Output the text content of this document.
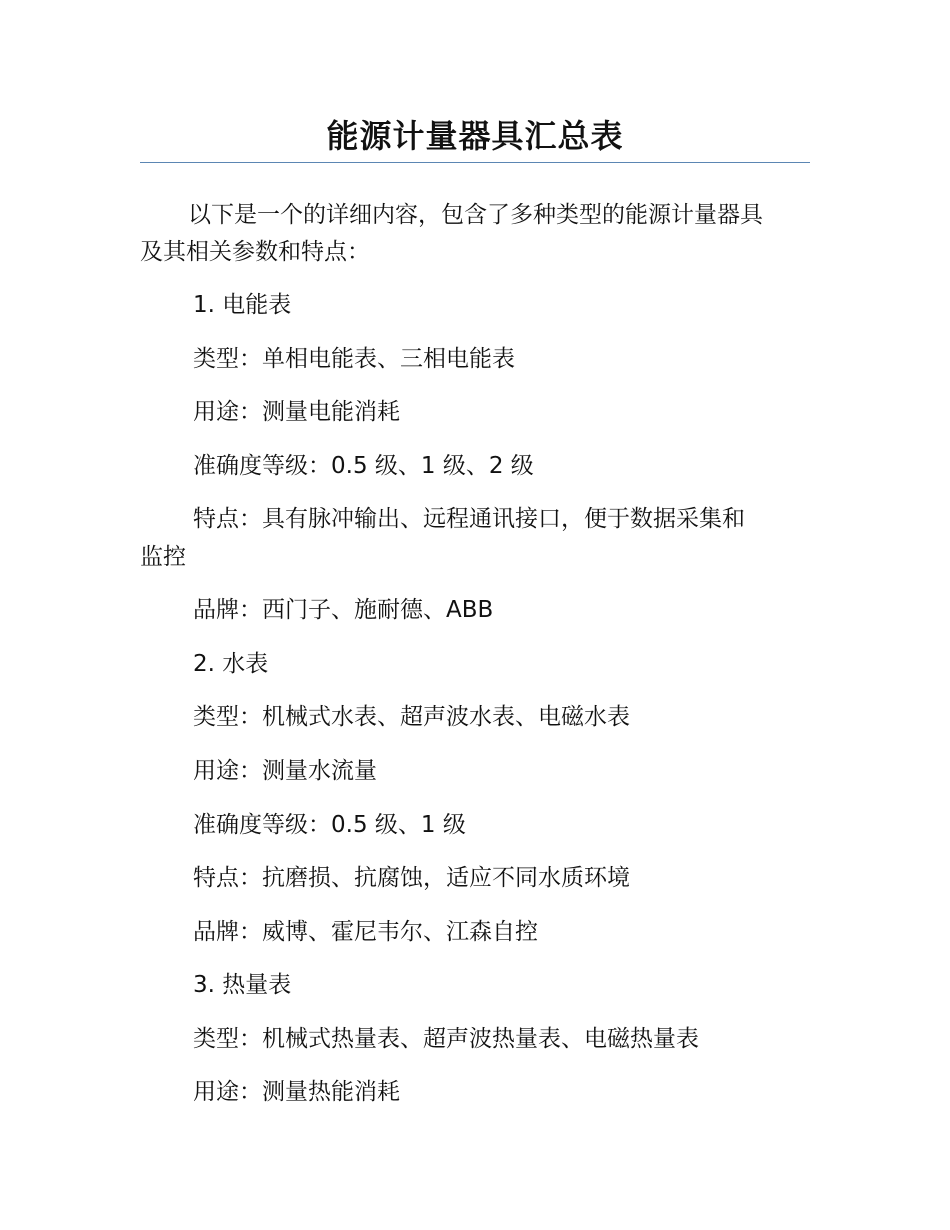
能源计量器具汇总表
以下是一个的详细内容，包含了多种类型的能源计量器具
及其相关参数和特点：
1. 电能表
类型：单相电能表、三相电能表
用途：测量电能消耗
准确度等级：0.5 级、1 级、2 级
特点：具有脉冲输出、远程通讯接口，便于数据采集和
监控
品牌：西门子、施耐德、ABB
2. 水表
类型：机械式水表、超声波水表、电磁水表
用途：测量水流量
准确度等级：0.5 级、1 级
特点：抗磨损、抗腐蚀，适应不同水质环境
品牌：威博、霍尼韦尔、江森自控
3. 热量表
类型：机械式热量表、超声波热量表、电磁热量表
用途：测量热能消耗
